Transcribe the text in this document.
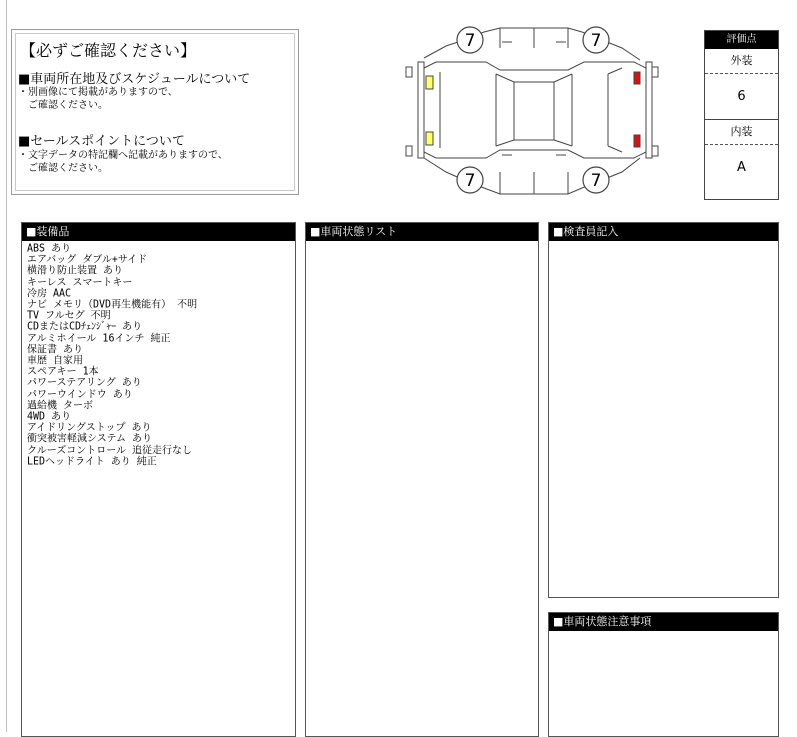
【必ずご確認ください】
■車両所在地及びスケジュールについて
・別画像にて掲載がありますので、
　ご確認ください。
■セールスポイントについて
・文字データの特記欄へ記載がありますので、
　ご確認ください。
7	7
7	7
評価点
外装
6
内装
A
■装備品
ABS あり
エアバッグ ダブル+サイド
横滑り防止装置 あり
キーレス スマートキー
冷房 AAC
ナビ メモリ（DVD再生機能有） 不明
TV フルセグ 不明
CDまたはCDﾁｪﾝｼﾞｬｰ あり
アルミホイール 16インチ 純正
保証書 あり
車歴 自家用
スペアキー 1本
パワーステアリング あり
パワーウインドウ あり
過給機 ターボ
4WD あり
アイドリングストップ あり
衝突被害軽減システム あり
クルーズコントロール 追従走行なし
LEDヘッドライト あり 純正
■車両状態リスト	■検査員記入
■車両状態注意事項
